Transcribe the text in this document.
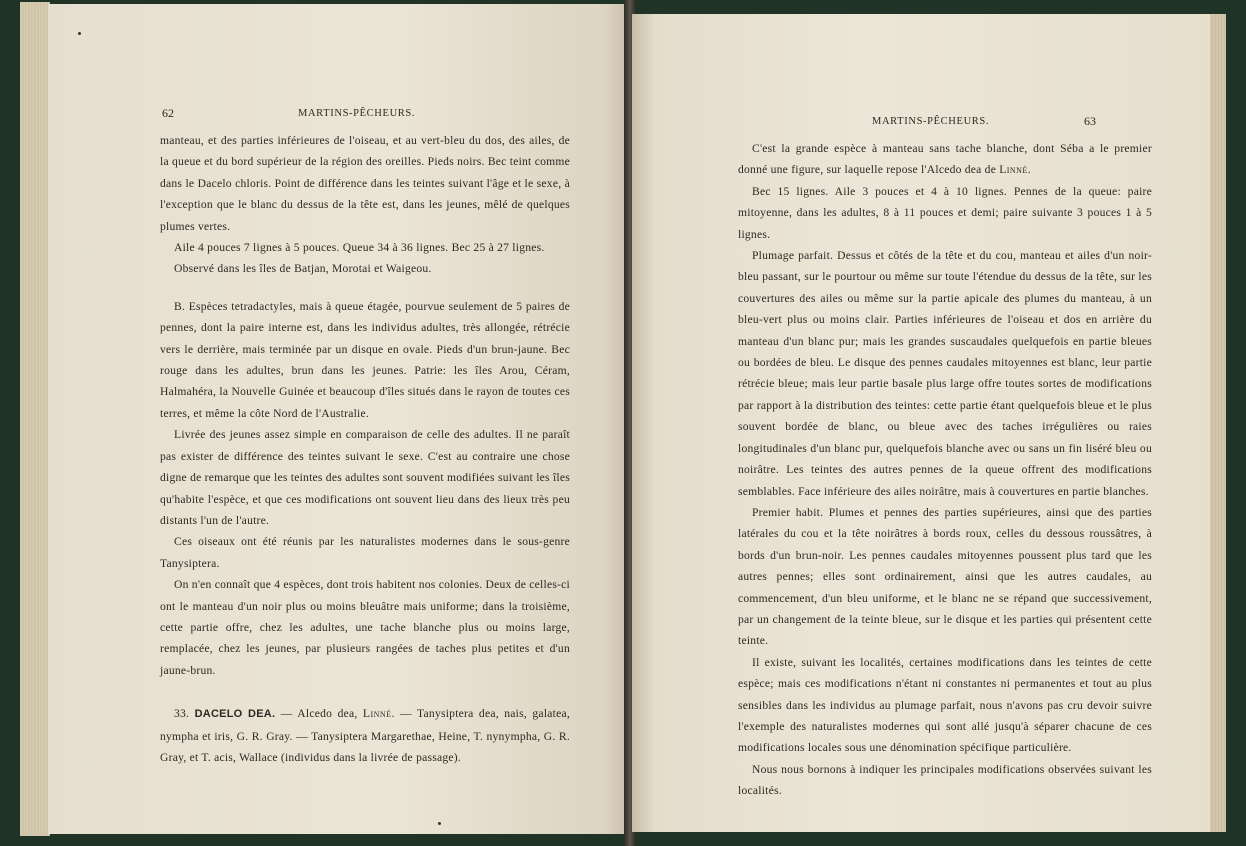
62	MARTINS-PÊCHEURS.

manteau, et des parties inférieures de l'oiseau, et au vert-bleu du dos, des ailes, de la queue et du bord supérieur de la région des oreilles. Pieds noirs. Bec teint comme dans le Dacelo chloris. Point de différence dans les teintes suivant l'âge et le sexe, à l'exception que le blanc du dessus de la tête est, dans les jeunes, mêlé de quelques plumes vertes.

Aile 4 pouces 7 lignes à 5 pouces. Queue 34 à 36 lignes. Bec 25 à 27 lignes.

Observé dans les îles de Batjan, Morotai et Waigeou.

B. Espèces tetradactyles, mais à queue étagée, pourvue seulement de 5 paires de pennes, dont la paire interne est, dans les individus adultes, très allongée, rétrécie vers le derrière, mais terminée par un disque en ovale. Pieds d'un brun-jaune. Bec rouge dans les adultes, brun dans les jeunes. Patrie: les îles Arou, Céram, Halmahéra, la Nouvelle Guinée et beaucoup d'îles situés dans le rayon de toutes ces terres, et même la côte Nord de l'Australie.

Livrée des jeunes assez simple en comparaison de celle des adultes. Il ne paraît pas exister de différence des teintes suivant le sexe. C'est au contraire une chose digne de remarque que les teintes des adultes sont souvent modifiées suivant les îles qu'habite l'espèce, et que ces modifications ont souvent lieu dans des lieux très peu distants l'un de l'autre.

Ces oiseaux ont été réunis par les naturalistes modernes dans le sous-genre Tanysiptera.

On n'en connaît que 4 espèces, dont trois habitent nos colonies. Deux de celles-ci ont le manteau d'un noir plus ou moins bleuâtre mais uniforme; dans la troisième, cette partie offre, chez les adultes, une tache blanche plus ou moins large, remplacée, chez les jeunes, par plusieurs rangées de taches plus petites et d'un jaune-brun.

33. DACELO DEA. — Alcedo dea, Linné. — Tanysiptera dea, nais, galatea, nympha et iris, G. R. Gray. — Tanysiptera Margarethae, Heine, T. nynympha, G. R. Gray, et T. acis, Wallace (individus dans la livrée de passage).

MARTINS-PÊCHEURS.	63

C'est la grande espèce à manteau sans tache blanche, dont Séba a le premier donné une figure, sur laquelle repose l'Alcedo dea de Linné.

Bec 15 lignes. Aile 3 pouces et 4 à 10 lignes. Pennes de la queue: paire mitoyenne, dans les adultes, 8 à 11 pouces et demi; paire suivante 3 pouces 1 à 5 lignes.

Plumage parfait. Dessus et côtés de la tête et du cou, manteau et ailes d'un noir-bleu passant, sur le pourtour ou même sur toute l'étendue du dessus de la tête, sur les couvertures des ailes ou même sur la partie apicale des plumes du manteau, à un bleu-vert plus ou moins clair. Parties inférieures de l'oiseau et dos en arrière du manteau d'un blanc pur; mais les grandes suscaudales quelquefois en partie bleues ou bordées de bleu. Le disque des pennes caudales mitoyennes est blanc, leur partie rétrécie bleue; mais leur partie basale plus large offre toutes sortes de modifications par rapport à la distribution des teintes: cette partie étant quelquefois bleue et le plus souvent bordée de blanc, ou bleue avec des taches irrégulières ou raies longitudinales d'un blanc pur, quelquefois blanche avec ou sans un fin liséré bleu ou noirâtre. Les teintes des autres pennes de la queue offrent des modifications semblables. Face inférieure des ailes noirâtre, mais à couvertures en partie blanches.

Premier habit. Plumes et pennes des parties supérieures, ainsi que des parties latérales du cou et la tête noirâtres à bords roux, celles du dessous roussâtres, à bords d'un brun-noir. Les pennes caudales mitoyennes poussent plus tard que les autres pennes; elles sont ordinairement, ainsi que les autres caudales, au commencement, d'un bleu uniforme, et le blanc ne se répand que successivement, par un changement de la teinte bleue, sur le disque et les parties qui présentent cette teinte.

Il existe, suivant les localités, certaines modifications dans les teintes de cette espèce; mais ces modifications n'étant ni constantes ni permanentes et tout au plus sensibles dans les individus au plumage parfait, nous n'avons pas cru devoir suivre l'exemple des naturalistes modernes qui sont allé jusqu'à séparer chacune de ces modifications locales sous une dénomination spécifique particulière.

Nous nous bornons à indiquer les principales modifications observées suivant les localités.
